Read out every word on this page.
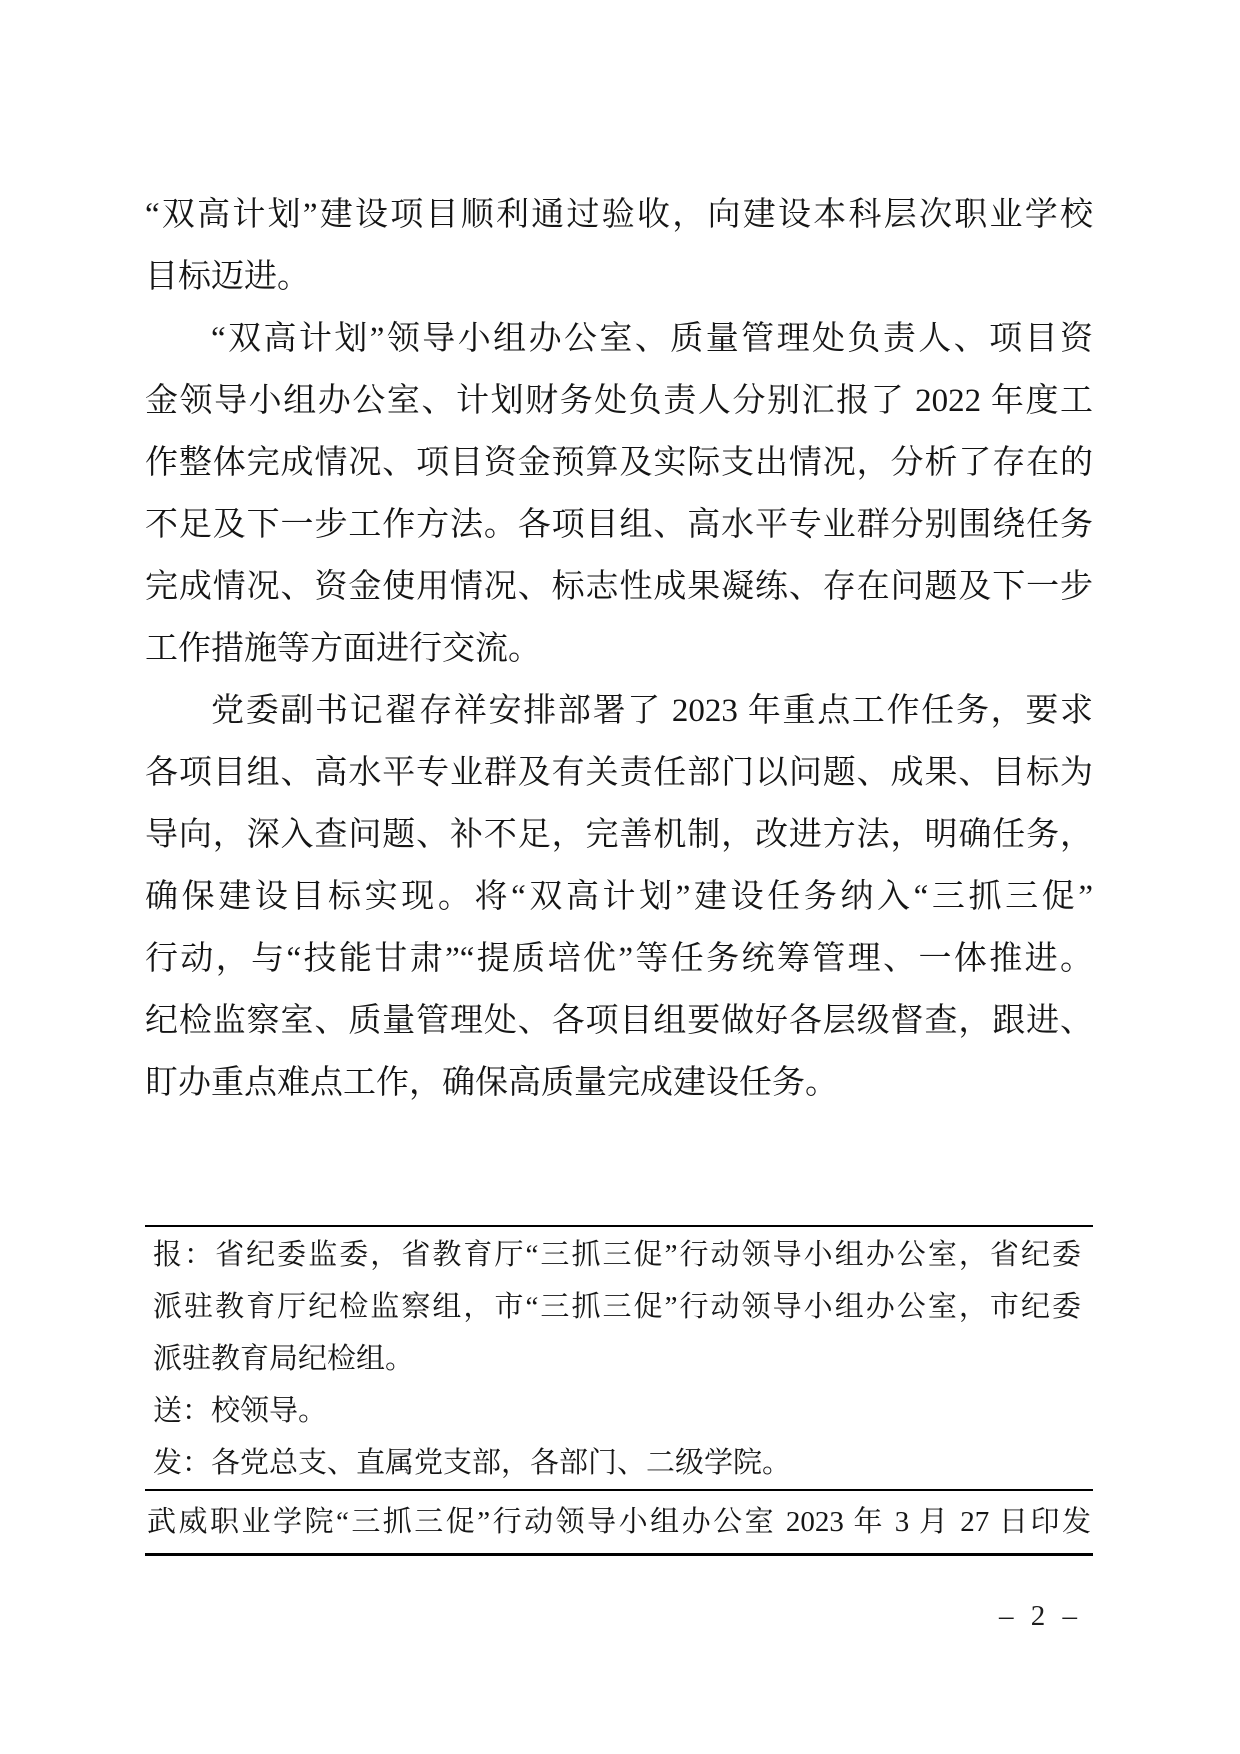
“双高计划”建设项目顺利通过验收，向建设本科层次职业学校
目标迈进。
“双高计划”领导小组办公室、质量管理处负责人、项目资
金领导小组办公室、计划财务处负责人分别汇报了 2022 年度工
作整体完成情况、项目资金预算及实际支出情况，分析了存在的
不足及下一步工作方法。各项目组、高水平专业群分别围绕任务
完成情况、资金使用情况、标志性成果凝练、存在问题及下一步
工作措施等方面进行交流。
党委副书记翟存祥安排部署了 2023 年重点工作任务，要求
各项目组、高水平专业群及有关责任部门以问题、成果、目标为
导向，深入查问题、补不足，完善机制，改进方法，明确任务，
确保建设目标实现。将“双高计划”建设任务纳入“三抓三促”
行动，与“技能甘肃”“提质培优”等任务统筹管理、一体推进。
纪检监察室、质量管理处、各项目组要做好各层级督查，跟进、
盯办重点难点工作，确保高质量完成建设任务。
报：省纪委监委，省教育厅“三抓三促”行动领导小组办公室，省纪委
派驻教育厅纪检监察组，市“三抓三促”行动领导小组办公室，市纪委
派驻教育局纪检组。
送：校领导。
发：各党总支、直属党支部，各部门、二级学院。
武威职业学院“三抓三促”行动领导小组办公室 2023 年 3 月 27 日印发
– 2 –
